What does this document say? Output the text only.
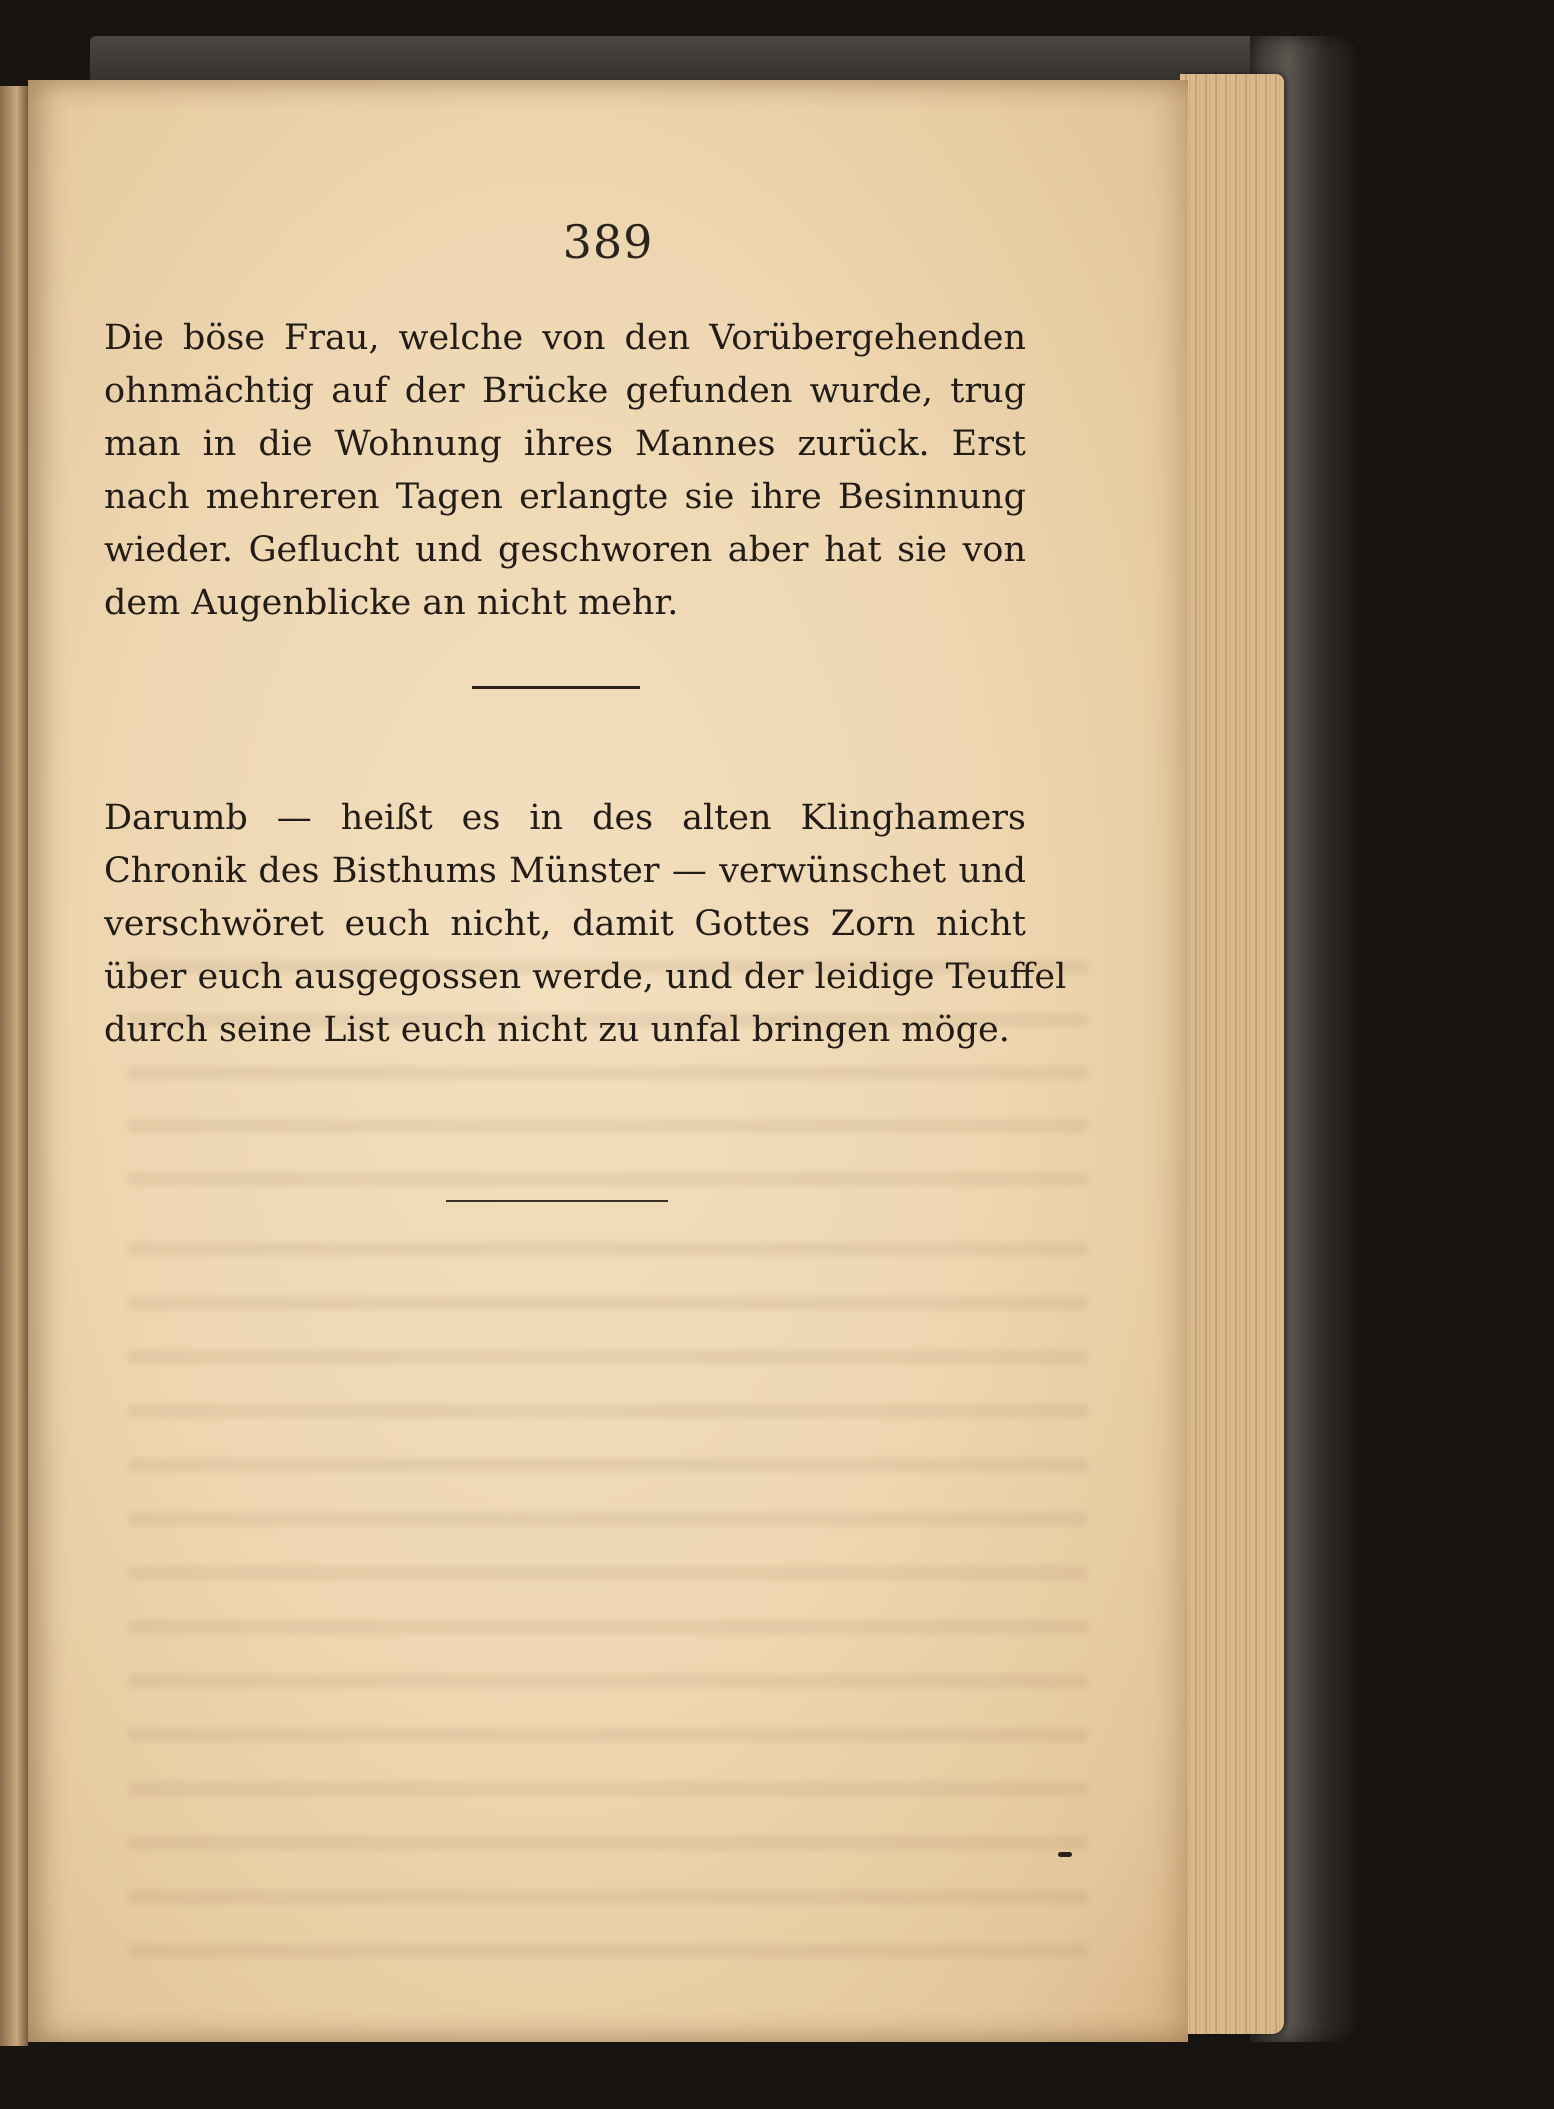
389

Die böse Frau, welche von den Vorübergehenden
ohnmächtig auf der Brücke gefunden wurde, trug
man in die Wohnung ihres Mannes zurück. Erst
nach mehreren Tagen erlangte sie ihre Besinnung
wieder. Geflucht und geschworen aber hat sie von
dem Augenblicke an nicht mehr.

Darumb — heißt es in des alten Klinghamers
Chronik des Bisthums Münster — verwünschet und
verschwöret euch nicht, damit Gottes Zorn nicht
über euch ausgegossen werde, und der leidige Teuffel
durch seine List euch nicht zu unfal bringen möge.
